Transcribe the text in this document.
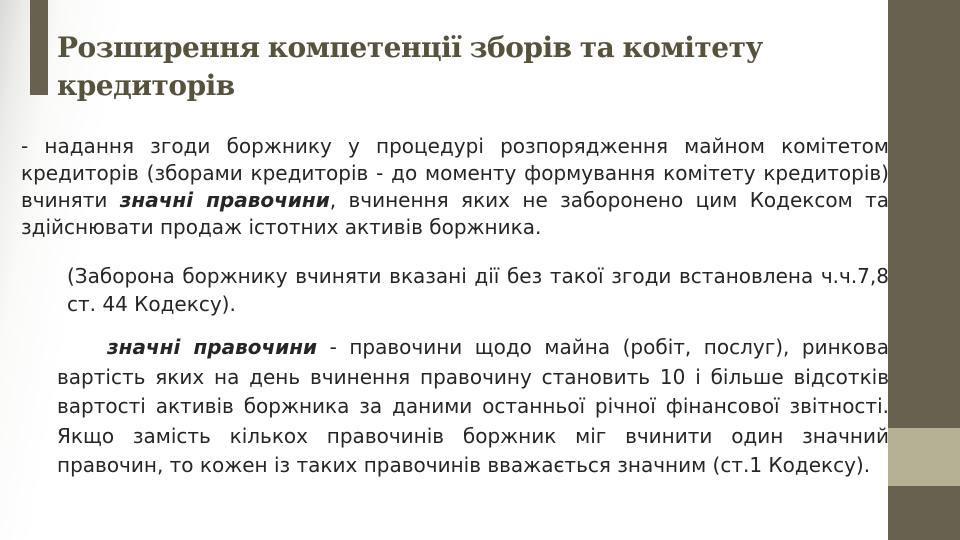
Розширення компетенції зборів та комітету кредиторів

- надання згоди боржнику у процедурі розпорядження майном комітетом кредиторів (зборами кредиторів - до моменту формування комітету кредиторів) вчиняти значні правочини, вчинення яких не заборонено цим Кодексом та здійснювати продаж істотних активів боржника.

(Заборона боржнику вчиняти вказані дії без такої згоди встановлена ч.ч.7,8 ст. 44 Кодексу).

значні правочини - правочини щодо майна (робіт, послуг), ринкова вартість яких на день вчинення правочину становить 10 і більше відсотків вартості активів боржника за даними останньої річної фінансової звітності. Якщо замість кількох правочинів боржник міг вчинити один значний правочин, то кожен із таких правочинів вважається значним (ст.1 Кодексу).
